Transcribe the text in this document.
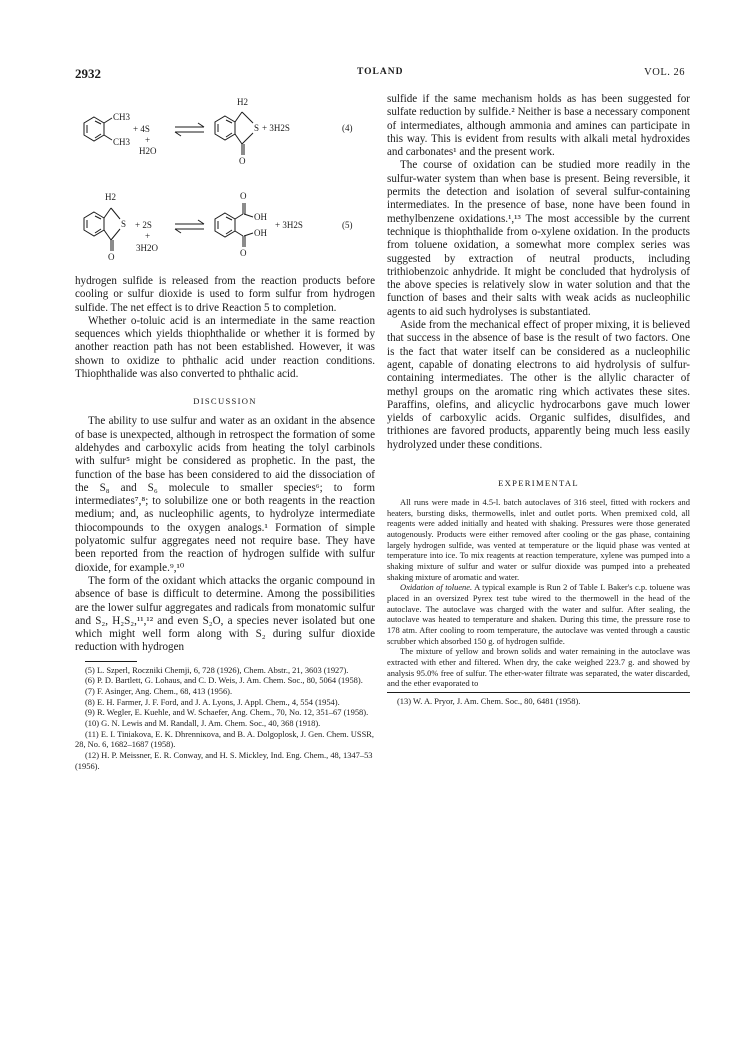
2932	TOLAND	VOL. 26
CH3
CH3
+ 4S
+
H2O
H2
S
O
+ 3H2S	(4)
H2
S
O
+ 2S
+
3H2O
O
OH
OH
O
+ 3H2S	(5)

hydrogen sulfide is released from the reaction products before cooling or sulfur dioxide is used to form sulfur from hydrogen sulfide. The net effect is to drive Reaction 5 to completion.

Whether o-toluic acid is an intermediate in the same reaction sequences which yields thiophthalide or whether it is formed by another reaction path has not been established. However, it was shown to oxidize to phthalic acid under reaction conditions. Thiophthalide was also converted to phthalic acid.

DISCUSSION

The ability to use sulfur and water as an oxidant in the absence of base is unexpected, although in retrospect the formation of some aldehydes and carboxylic acids from heating the tolyl carbinols with sulfur⁵ might be considered as prophetic. In the past, the function of the base has been considered to aid the dissociation of the S₈ and S₆ molecule to smaller species⁶; to form intermediates⁷,⁸; to solubilize one or both reagents in the reaction medium; and, as nucleophilic agents, to hydrolyze intermediate thiocompounds to the oxygen analogs.¹ Formation of simple polyatomic sulfur aggregates need not require base. They have been reported from the reaction of hydrogen sulfide with sulfur dioxide, for example.⁹,¹⁰

The form of the oxidant which attacks the organic compound in absence of base is difficult to determine. Among the possibilities are the lower sulfur aggregates and radicals from monatomic sulfur and S₂, H₂S₂,¹¹,¹² and even S₂O, a species never isolated but one which might well form along with S₂ during sulfur dioxide reduction with hydrogen

(5) L. Szperl, Roczniki Chemji, 6, 728 (1926), Chem. Abstr., 21, 3603 (1927).

(6) P. D. Bartlett, G. Lohaus, and C. D. Weis, J. Am. Chem. Soc., 80, 5064 (1958).

(7) F. Asinger, Ang. Chem., 68, 413 (1956).

(8) E. H. Farmer, J. F. Ford, and J. A. Lyons, J. Appl. Chem., 4, 554 (1954).

(9) R. Wegler, E. Kuehle, and W. Schaefer, Ang. Chem., 70, No. 12, 351–67 (1958).

(10) G. N. Lewis and M. Randall, J. Am. Chem. Soc., 40, 368 (1918).

(11) E. I. Tiniakova, E. K. Dhrenniкova, and B. A. Dolgoplosk, J. Gen. Chem. USSR, 28, No. 6, 1682–1687 (1958).

(12) H. P. Meissner, E. R. Conway, and H. S. Mickley, Ind. Eng. Chem., 48, 1347–53 (1956).

sulfide if the same mechanism holds as has been suggested for sulfate reduction by sulfide.² Neither is base a necessary component of intermediates, although ammonia and amines can participate in this way. This is evident from results with alkali metal hydroxides and carbonates¹ and the present work.

The course of oxidation can be studied more readily in the sulfur-water system than when base is present. Being reversible, it permits the detection and isolation of several sulfur-containing intermediates. In the presence of base, none have been found in methylbenzene oxidations.¹,¹³ The most accessible by the current technique is thiophthalide from o-xylene oxidation. In the products from toluene oxidation, a somewhat more complex series was suggested by extraction of neutral products, including trithiobenzoic anhydride. It might be concluded that hydrolysis of the above species is relatively slow in water solution and that the function of bases and their salts with weak acids as nucleophilic agents to aid such hydrolyses is substantiated.

Aside from the mechanical effect of proper mixing, it is believed that success in the absence of base is the result of two factors. One is the fact that water itself can be considered as a nucleophilic agent, capable of donating electrons to aid hydrolysis of sulfur-containing intermediates. The other is the allylic character of methyl groups on the aromatic ring which activates these sites. Paraffins, olefins, and alicyclic hydrocarbons gave much lower yields of carboxylic acids. Organic sulfides, disulfides, and trithiones are favored products, apparently being much less easily hydrolyzed under these conditions.

EXPERIMENTAL

All runs were made in 4.5-l. batch autoclaves of 316 steel, fitted with rockers and heaters, bursting disks, thermowells, inlet and outlet ports. When premixed cold, all reagents were added initially and heated with shaking. Pressures were those generated autogenously. Products were either removed after cooling or the gas phase, containing largely hydrogen sulfide, was vented at temperature or the liquid phase was vented at temperature into ice. To mix reagents at reaction temperature, xylene was pumped into a shaking mixture of sulfur and water or sulfur dioxide was pumped into a preheated shaking mixture of aromatic and water.

Oxidation of toluene. A typical example is Run 2 of Table I. Baker's c.p. toluene was placed in an oversized Pyrex test tube wired to the thermowell in the head of the autoclave. The autoclave was charged with the water and sulfur. After sealing, the autoclave was heated to temperature and shaken. During this time, the pressure rose to 178 atm. After cooling to room temperature, the autoclave was vented through a caustic scrubber which absorbed 150 g. of hydrogen sulfide.

The mixture of yellow and brown solids and water remaining in the autoclave was extracted with ether and filtered. When dry, the cake weighed 223.7 g. and showed by analysis 95.0% free of sulfur. The ether-water filtrate was separated, the water discarded, and the ether evaporated to

(13) W. A. Pryor, J. Am. Chem. Soc., 80, 6481 (1958).
